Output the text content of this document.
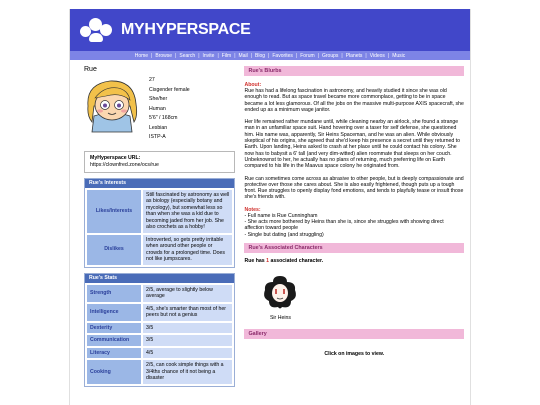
MYHYPERSPACE
Home | Browse | Search | Invite | Film | Mail | Blog | Favorites | Forum | Groups | Planets | Videos | Music
Rue
27
Cisgender female
She/her
Human
5'6" / 168cm
Lesbian
ISTP-A
MyHyperspace URL:
https://clownfred.zone/ocs/rue
Rue's Interests
Likes/Interests	Still fascinated by astronomy as well as biology (especially botany and mycology), but somewhat less so than when she was a kid due to becoming jaded from her job. She also crochets as a hobby!
Dislikes	Introverted, so gets pretty irritable when around other people or crowds for a prolonged time. Does not like jumpscares.
Rue's Stats
Strength	2/5, average to slightly below average
Intelligence	4/5, she's smarter than most of her peers but not a genius
Dexterity	3/5
Communication	3/5
Literacy	4/5
Cooking	2/5, can cook simple things with a 3/4ths chance of it not being a disaster
Rue's Blurbs
About:

Rue has had a lifelong fascination in astronomy, and heavily studied it since she was old enough to read. But as space travel became more commonplace, getting to be in space became a lot less glamorous. Of all the jobs on the massive multi-purpose AXIS spacecraft, she ended up as a minimum wage janitor.

Her life remained rather mundane until, while cleaning nearby an airlock, she found a strange man in an unfamiliar space suit. Hand hovering over a taser for self defense, she questioned him. His name was, apparently, Sir Heins Spaceman, and he was an alien. While obviously skeptical of his origins, she agreed that she'd keep his presence a secret until they returned to Earth. Upon landing, Heins asked to crash at her place until he could contact his colony. She now has to babysit a 6' tall (and very dim-witted) alien roommate that sleeps on her couch. Unbeknownst to her, he actually has no plans of returning, much preferring life on Earth compared to his life in the Maavus space colony he originated from.

Rue can sometimes come across as abrasive to other people, but is deeply compassionate and protective over those she cares about. She is also easily frightened, though puts up a tough front. Rue struggles to openly display fond emotions, and tends to playfully tease or insult those she's friends with.

Notes:
- Full name is Rue Cunningham
- She acts more bothered by Heins than she is, since she struggles with showing direct affection toward people
- Single but dating (and struggling)
Rue's Associated Characters
Rue has 1 associated character.
Sir Heins
Gallery
Click on images to view.
